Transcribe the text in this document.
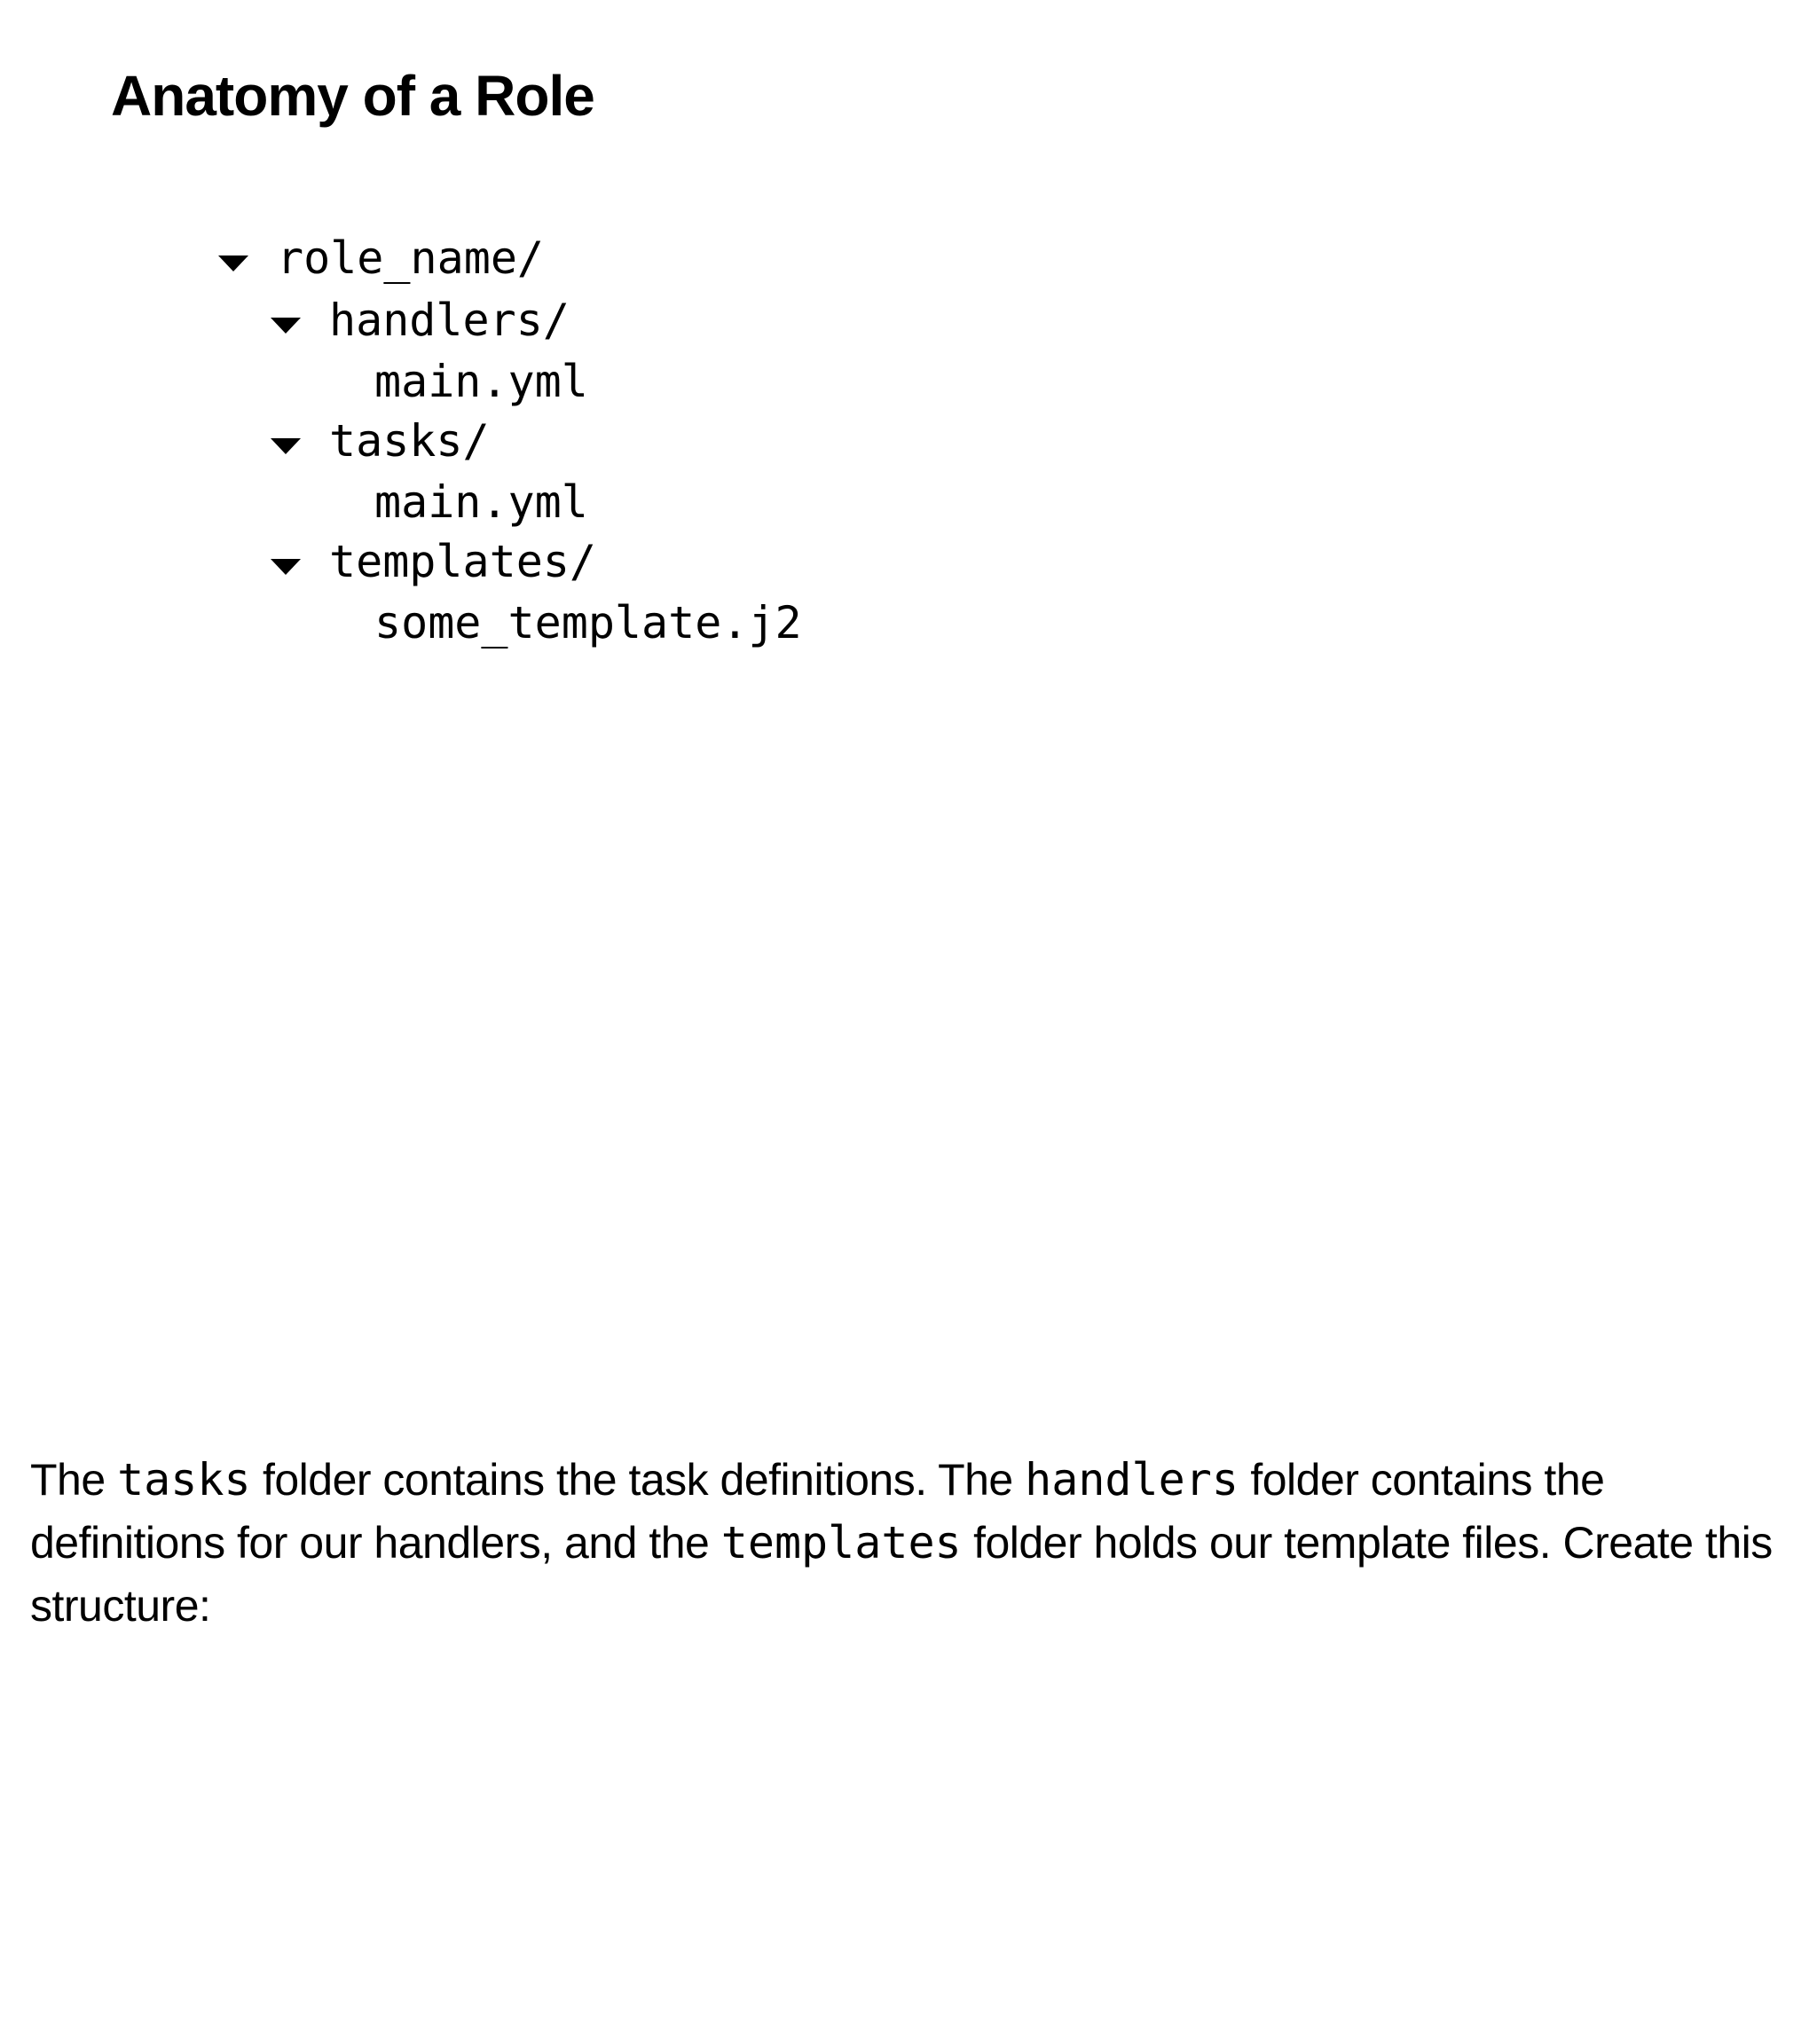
Anatomy of a Role
role_name/
handlers/
main.yml
tasks/
main.yml
templates/
some_template.j2

The tasks folder contains the task definitions. The handlers folder contains the definitions for our handlers, and the templates folder holds our template files. Create this structure:
